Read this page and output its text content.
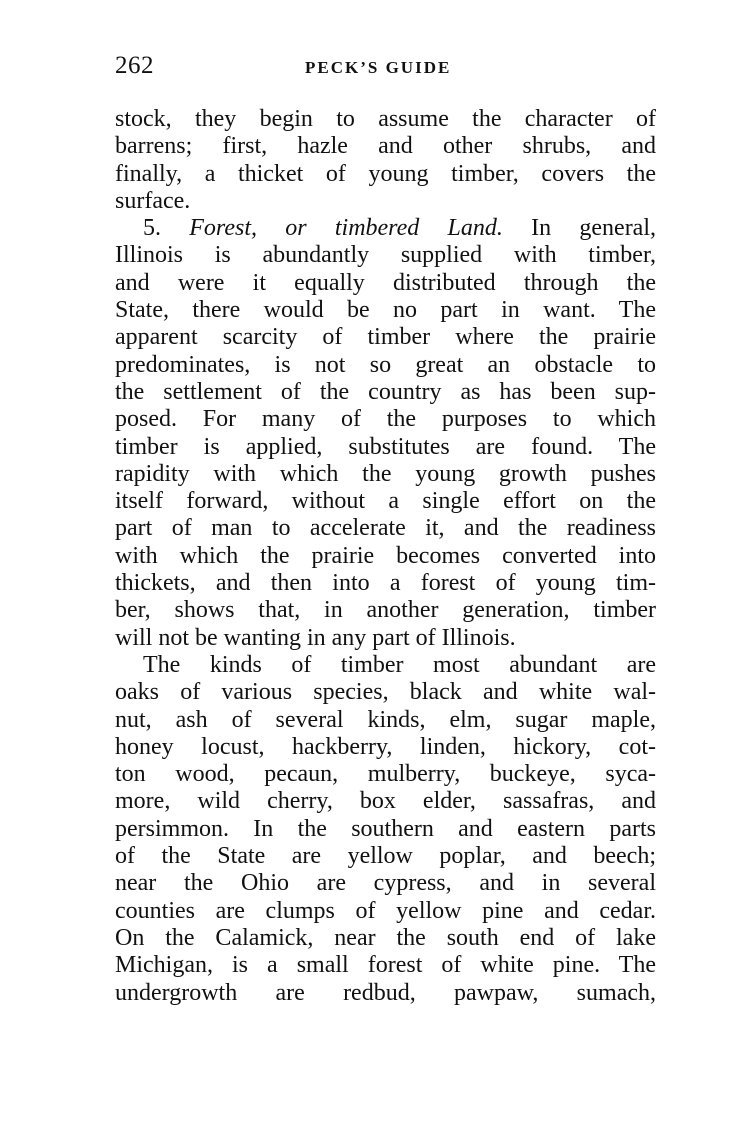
262	PECK’S GUIDE
stock, they begin to assume the character of
barrens; first, hazle and other shrubs, and
finally, a thicket of young timber, covers the
surface.
5. Forest, or timbered Land. In general,
Illinois is abundantly supplied with timber,
and were it equally distributed through the
State, there would be no part in want. The
apparent scarcity of timber where the prairie
predominates, is not so great an obstacle to
the settlement of the country as has been sup-
posed. For many of the purposes to which
timber is applied, substitutes are found. The
rapidity with which the young growth pushes
itself forward, without a single effort on the
part of man to accelerate it, and the readiness
with which the prairie becomes converted into
thickets, and then into a forest of young tim-
ber, shows that, in another generation, timber
will not be wanting in any part of Illinois.
The kinds of timber most abundant are
oaks of various species, black and white wal-
nut, ash of several kinds, elm, sugar maple,
honey locust, hackberry, linden, hickory, cot-
ton wood, pecaun, mulberry, buckeye, syca-
more, wild cherry, box elder, sassafras, and
persimmon. In the southern and eastern parts
of the State are yellow poplar, and beech;
near the Ohio are cypress, and in several
counties are clumps of yellow pine and cedar.
On the Calamick, near the south end of lake
Michigan, is a small forest of white pine. The
undergrowth are redbud, pawpaw, sumach,
